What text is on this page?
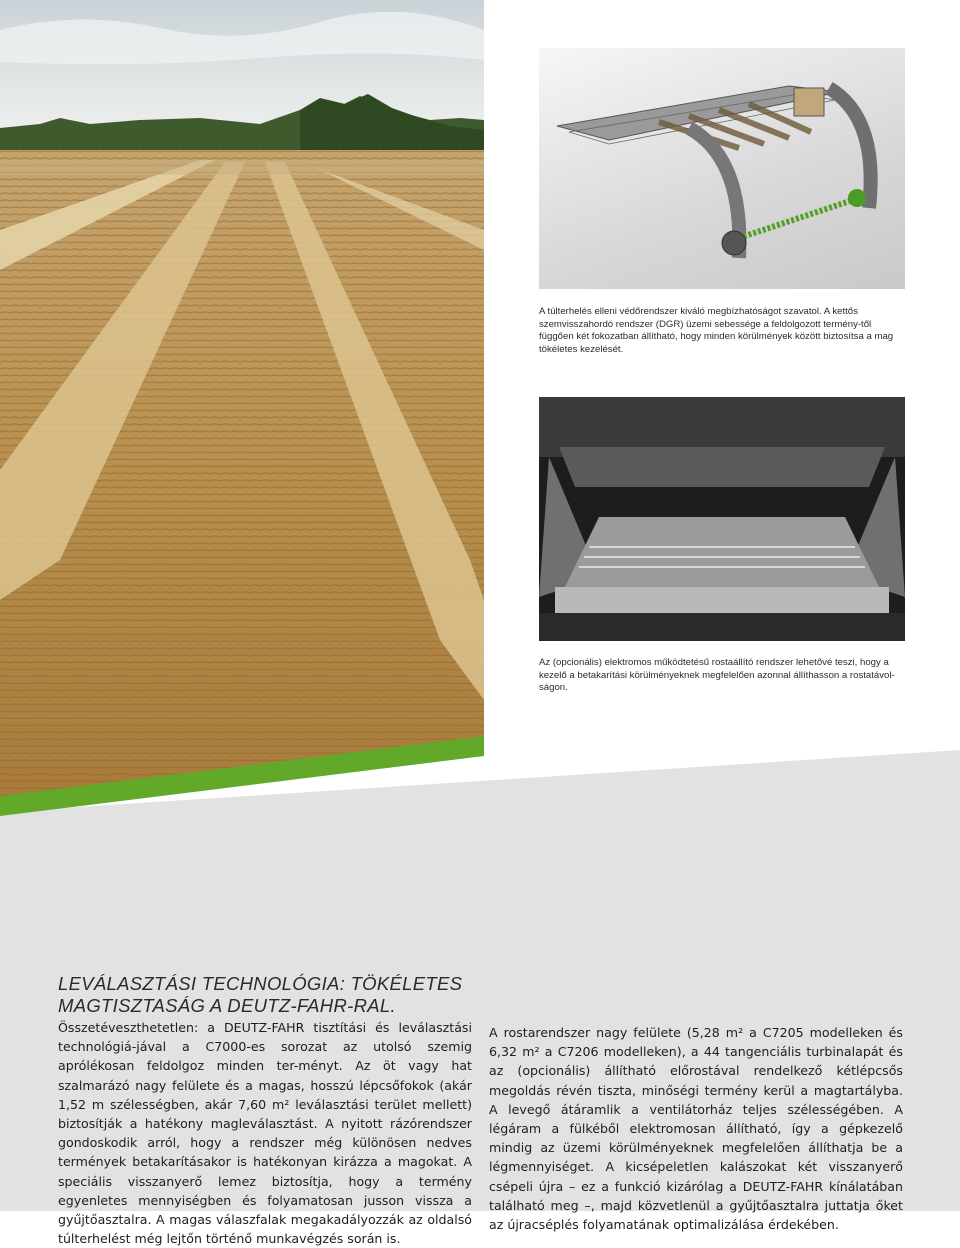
A túlterhelés elleni védőrendszer kiváló megbízhatóságot szavatol. A kettős szemvisszahordó rendszer (DGR) üzemi sebessége a feldolgozott termény-től függően két fokozatban állítható, hogy minden körülmények között biztosítsa a mag tökéletes kezelését.

Az (opcionális) elektromos működtetésű rostaállító rendszer lehetővé teszi, hogy a kezelő a betakarítási körülményeknek megfelelően azonnal állíthasson a rostatávol-ságon.

LEVÁLASZTÁSI TECHNOLÓGIA: TÖKÉLETES
MAGTISZTASÁG A DEUTZ-FAHR-RAL.

Összetéveszthetetlen: a DEUTZ-FAHR tisztítási és leválasztási technológiá-jával a C7000-es sorozat az utolsó szemig aprólékosan feldolgoz minden ter-ményt. Az öt vagy hat szalmarázó nagy felülete és a magas, hosszú lépcsőfokok (akár 1,52 m szélességben, akár 7,60 m² leválasztási terület mellett) biztosítják a hatékony magleválasztást. A nyitott rázórendszer gondoskodik arról, hogy a rendszer még különösen nedves termények betakarításakor is hatékonyan kirázza a magokat. A speciális visszanyerő lemez biztosítja, hogy a termény egyenletes mennyiségben és folyamatosan jusson vissza a gyűjtőasztalra. A magas válaszfalak megakadályozzák az oldalsó túlterhelést még lejtőn történő munkavégzés során is.

A rostarendszer nagy felülete (5,28 m² a C7205 modelleken és 6,32 m² a C7206 modelleken), a 44 tangenciális turbinalapát és az (opcionális) állítható előrostával rendelkező kétlépcsős megoldás révén tiszta, minőségi termény kerül a magtartályba. A levegő átáramlik a ventilátorház teljes szélességében. A légáram a fülkéből elektromosan állítható, így a gépkezelő mindig az üzemi körülményeknek megfelelően állíthatja be a légmennyiséget. A kicsépeletlen kalászokat két visszanyerő csépeli újra – ez a funkció kizárólag a DEUTZ-FAHR kínálatában található meg –, majd közvetlenül a gyűjtőasztalra juttatja őket az újracséplés folyamatának optimalizálása érdekében.
